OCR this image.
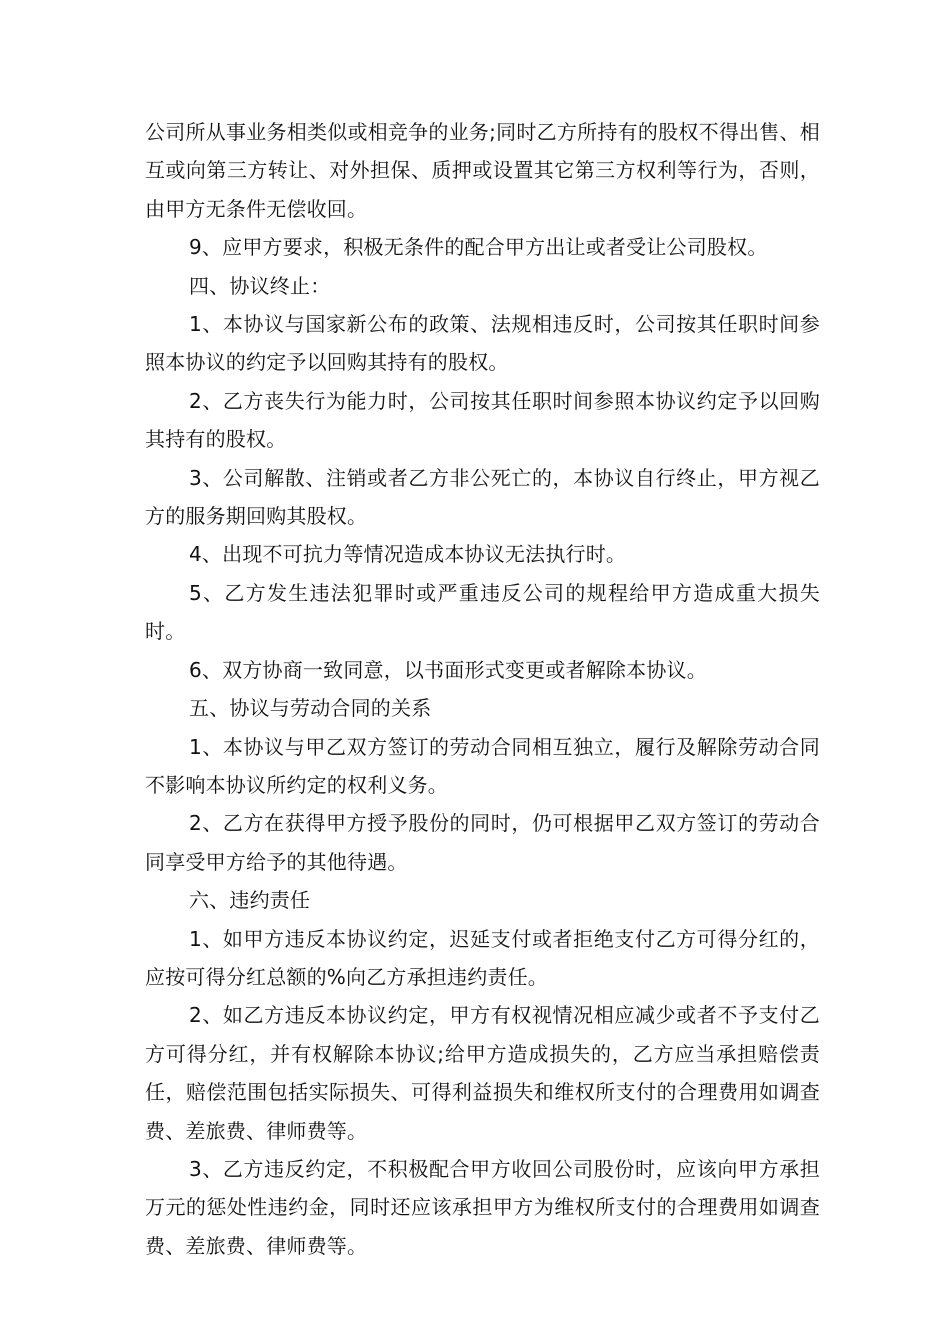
公司所从事业务相类似或相竞争的业务;同时乙方所持有的股权不得出售、相互或向第三方转让、对外担保、质押或设置其它第三方权利等行为，否则，由甲方无条件无偿收回。

9、应甲方要求，积极无条件的配合甲方出让或者受让公司股权。

四、协议终止：

1、本协议与国家新公布的政策、法规相违反时，公司按其任职时间参照本协议的约定予以回购其持有的股权。

2、乙方丧失行为能力时，公司按其任职时间参照本协议约定予以回购其持有的股权。

3、公司解散、注销或者乙方非公死亡的，本协议自行终止，甲方视乙方的服务期回购其股权。

4、出现不可抗力等情况造成本协议无法执行时。

5、乙方发生违法犯罪时或严重违反公司的规程给甲方造成重大损失时。

6、双方协商一致同意，以书面形式变更或者解除本协议。

五、协议与劳动合同的关系

1、本协议与甲乙双方签订的劳动合同相互独立，履行及解除劳动合同不影响本协议所约定的权利义务。

2、乙方在获得甲方授予股份的同时，仍可根据甲乙双方签订的劳动合同享受甲方给予的其他待遇。

六、违约责任

1、如甲方违反本协议约定，迟延支付或者拒绝支付乙方可得分红的，应按可得分红总额的%向乙方承担违约责任。

2、如乙方违反本协议约定，甲方有权视情况相应减少或者不予支付乙方可得分红，并有权解除本协议;给甲方造成损失的，乙方应当承担赔偿责任，赔偿范围包括实际损失、可得利益损失和维权所支付的合理费用如调查费、差旅费、律师费等。

3、乙方违反约定，不积极配合甲方收回公司股份时，应该向甲方承担万元的惩处性违约金，同时还应该承担甲方为维权所支付的合理费用如调查费、差旅费、律师费等。
